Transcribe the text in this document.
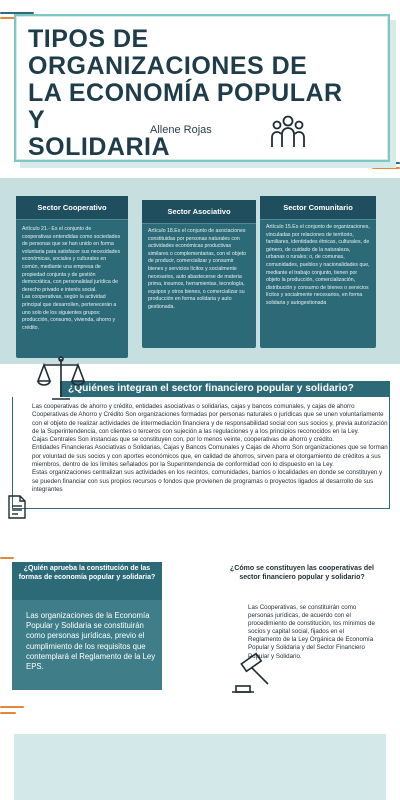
TIPOS DE ORGANIZACIONES DE
LA ECONOMÍA POPULAR Y
SOLIDARIA
Allene Rojas
Sector Cooperativo
Artículo 21.- Es el conjunto de cooperativas entendidas como sociedades de personas que se han unido en forma voluntaria para satisfacer sus necesidades económicas, sociales y culturales en común, mediante una empresa de propiedad conjunta y de gestión democrática, con personalidad jurídica de derecho privado e interés social.
Las cooperativas, según la actividad principal que desarrollen, pertenecerán a uno solo de los siguientes grupos: producción, consumo, vivienda, ahorro y crédito.
Sector Asociativo
Artículo 18.Es el conjunto de asociaciones constituidas por personas naturales con actividades económicas productivas similares o complementarias, con el objeto de producir, comercializar y consumir bienes y servicios lícitos y socialmente necesarios, auto abastecerse de materia prima, insumos, herramientas, tecnología, equipos y otros bienes, o comercializar su producción en forma solidaria y auto gestionada.
Sector Comunitario
Artículo 15.Es el conjunto de organizaciones, vinculadas por relaciones de territorio, familiares, identidades étnicas, culturales, de género, de cuidado de la naturaleza, urbanas o rurales; o, de comunas, comunidades, pueblos y nacionalidades que, mediante el trabajo conjunto, tienen por objeto la producción, comercialización, distribución y consumo de bienes o servicios lícitos y socialmente necesarios, en forma solidaria y autogestionada
¿Quiénes integran el sector financiero popular y solidario?
Las cooperativas de ahorro y crédito, entidades asociativas o solidarias, cajas y bancos comunales, y cajas de ahorro Cooperativas de Ahorro y Crédito Son organizaciones formadas por personas naturales o jurídicas que se unen voluntariamente con el objeto de realizar actividades de intermediación financiera y de responsabilidad social con sus socios y, previa autorización de la Superintendencia, con clientes o terceros con sujeción a las regulaciones y a los principios reconocidos en la Ley.
Cajas Centrales Son instancias que se constituyen con, por lo menos veinte, cooperativas de ahorro y crédito.
Entidades Financieras Asociativas o Solidarias, Cajas y Bancos Comunales y Cajas de Ahorro Son organizaciones que se forman por voluntad de sus socios y con aportes económicos que, en calidad de ahorros, sirven para el otorgamiento de créditos a sus miembros, dentro de los límites señalados por la Superintendencia de conformidad con lo dispuesto en la Ley.
Estas organizaciones centralizan sus actividades en los recintos, comunidades, barrios o localidades en donde se constituyen y se pueden financiar con sus propios recursos o fondos que provienen de programas o proyectos ligados al desarrollo de sus integrantes
¿Quién aprueba la constitución de las formas de economía popular y solidaria?
Las organizaciones de la Economía Popular y Solidaria se constituirán como personas jurídicas, previo el cumplimiento de los requisitos que contemplará el Reglamento de la Ley EPS.
¿Cómo se constituyen las cooperativas del sector financiero popular y solidario?
Las Cooperativas, se constituirán como personas jurídicas, de acuerdo con el procedimiento de constitución, los mínimos de socios y capital social, fijados en el Reglamento de la Ley Orgánica de Economía Popular y Solidaria y del Sector Financiero Popular y Solidario.
